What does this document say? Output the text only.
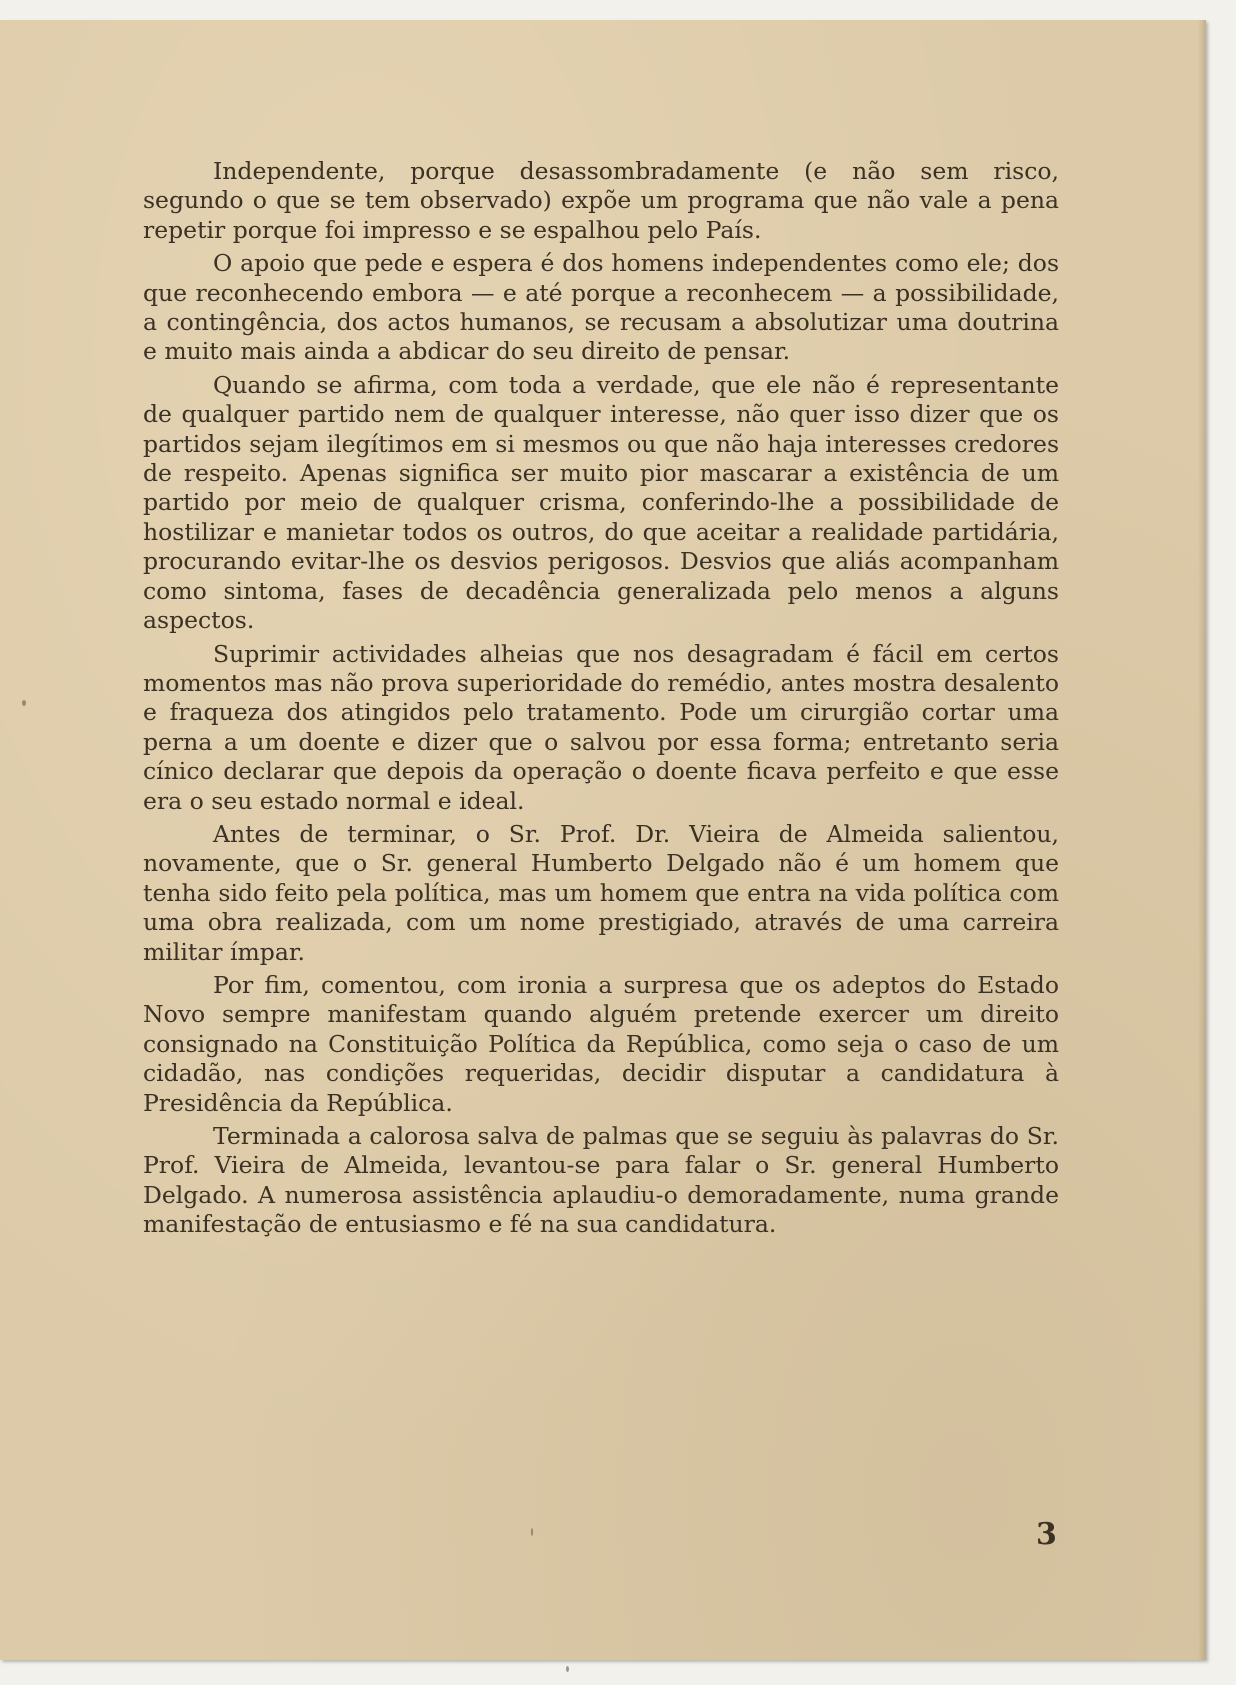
Independente, porque desassombradamente (e não sem risco, segundo o que se tem observado) expõe um programa que não vale a pena repetir porque foi impresso e se espalhou pelo País.

O apoio que pede e espera é dos homens independentes como ele; dos que reconhecendo embora — e até porque a reconhecem — a possibilidade, a contingência, dos actos humanos, se recusam a absolutizar uma doutrina e muito mais ainda a abdicar do seu direito de pensar.

Quando se afirma, com toda a verdade, que ele não é representante de qualquer partido nem de qualquer interesse, não quer isso dizer que os partidos sejam ilegítimos em si mesmos ou que não haja interesses credores de respeito. Apenas significa ser muito pior mascarar a existência de um partido por meio de qualquer crisma, conferindo-lhe a possibilidade de hostilizar e manietar todos os outros, do que aceitar a realidade partidária, procurando evitar-lhe os desvios perigosos. Desvios que aliás acompanham como sintoma, fases de decadência generalizada pelo menos a alguns aspectos.

Suprimir actividades alheias que nos desagradam é fácil em certos momentos mas não prova superioridade do remédio, antes mostra desalento e fraqueza dos atingidos pelo tratamento. Pode um cirurgião cortar uma perna a um doente e dizer que o salvou por essa forma; entretanto seria cínico declarar que depois da operação o doente ficava perfeito e que esse era o seu estado normal e ideal.

Antes de terminar, o Sr. Prof. Dr. Vieira de Almeida salientou, novamente, que o Sr. general Humberto Delgado não é um homem que tenha sido feito pela política, mas um homem que entra na vida política com uma obra realizada, com um nome prestigiado, através de uma carreira militar ímpar.

Por fim, comentou, com ironia a surpresa que os adeptos do Estado Novo sempre manifestam quando alguém pretende exercer um direito consignado na Constituição Política da República, como seja o caso de um cidadão, nas condições requeridas, decidir disputar a candidatura à Presidência da República.

Terminada a calorosa salva de palmas que se seguiu às palavras do Sr. Prof. Vieira de Almeida, levantou-se para falar o Sr. general Humberto Delgado. A numerosa assistência aplaudiu-o demoradamente, numa grande manifestação de entusiasmo e fé na sua candidatura.

3
